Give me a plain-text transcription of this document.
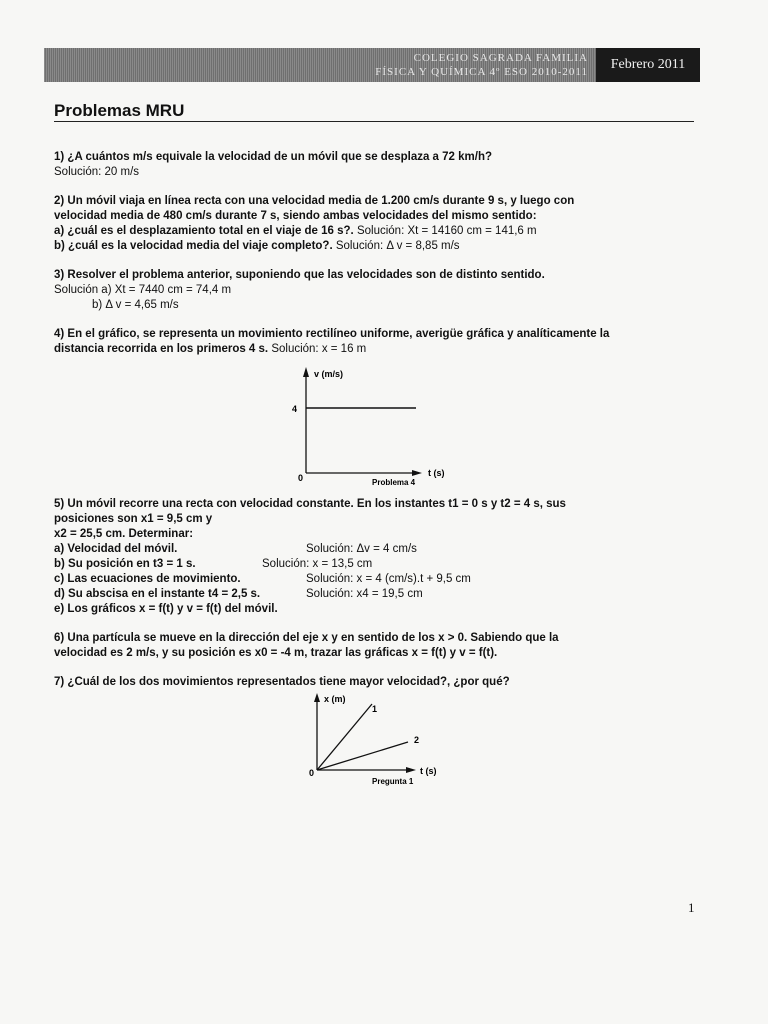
COLEGIO SAGRADA FAMILIA
FÍSICA Y QUÍMICA 4º ESO 2010-2011	Febrero 2011
Problemas MRU

1) ¿A cuántos m/s equivale la velocidad de un móvil que se desplaza a 72 km/h?

Solución: 20 m/s

2) Un móvil viaja en línea recta con una velocidad media de 1.200 cm/s durante 9 s, y luego con

velocidad media de 480 cm/s durante 7 s, siendo ambas velocidades del mismo sentido:

a) ¿cuál es el desplazamiento total en el viaje de 16 s?. Solución: Xt = 14160 cm = 141,6 m

b) ¿cuál es la velocidad media del viaje completo?. Solución: Δ v = 8,85 m/s

3) Resolver el problema anterior, suponiendo que las velocidades son de distinto sentido.

Solución a) Xt = 7440 cm = 74,4 m

b) Δ v = 4,65 m/s

4) En el gráfico, se representa un movimiento rectilíneo uniforme, averigüe gráfica y analíticamente la

distancia recorrida en los primeros 4 s. Solución: x = 16 m

v (m/s)
4
0	t (s)
Problema 4

5) Un móvil recorre una recta con velocidad constante. En los instantes t1 = 0 s y t2 = 4 s, sus

posiciones son x1 = 9,5 cm y

x2 = 25,5 cm. Determinar:

a) Velocidad del móvil.	Solución: Δv = 4 cm/s
b) Su posición en t3 = 1 s.	Solución: x = 13,5 cm
c) Las ecuaciones de movimiento.	Solución: x = 4 (cm/s).t + 9,5 cm
d) Su abscisa en el instante t4 = 2,5 s.	Solución: x4 = 19,5 cm

e) Los gráficos x = f(t) y v = f(t) del móvil.

6) Una partícula se mueve en la dirección del eje x y en sentido de los x > 0. Sabiendo que la

velocidad es 2 m/s, y su posición es x0 = -4 m, trazar las gráficas x = f(t) y v = f(t).

7) ¿Cuál de los dos movimientos representados tiene mayor velocidad?, ¿por qué?

x (m)
1
2
0	t (s)
Pregunta 1
1
